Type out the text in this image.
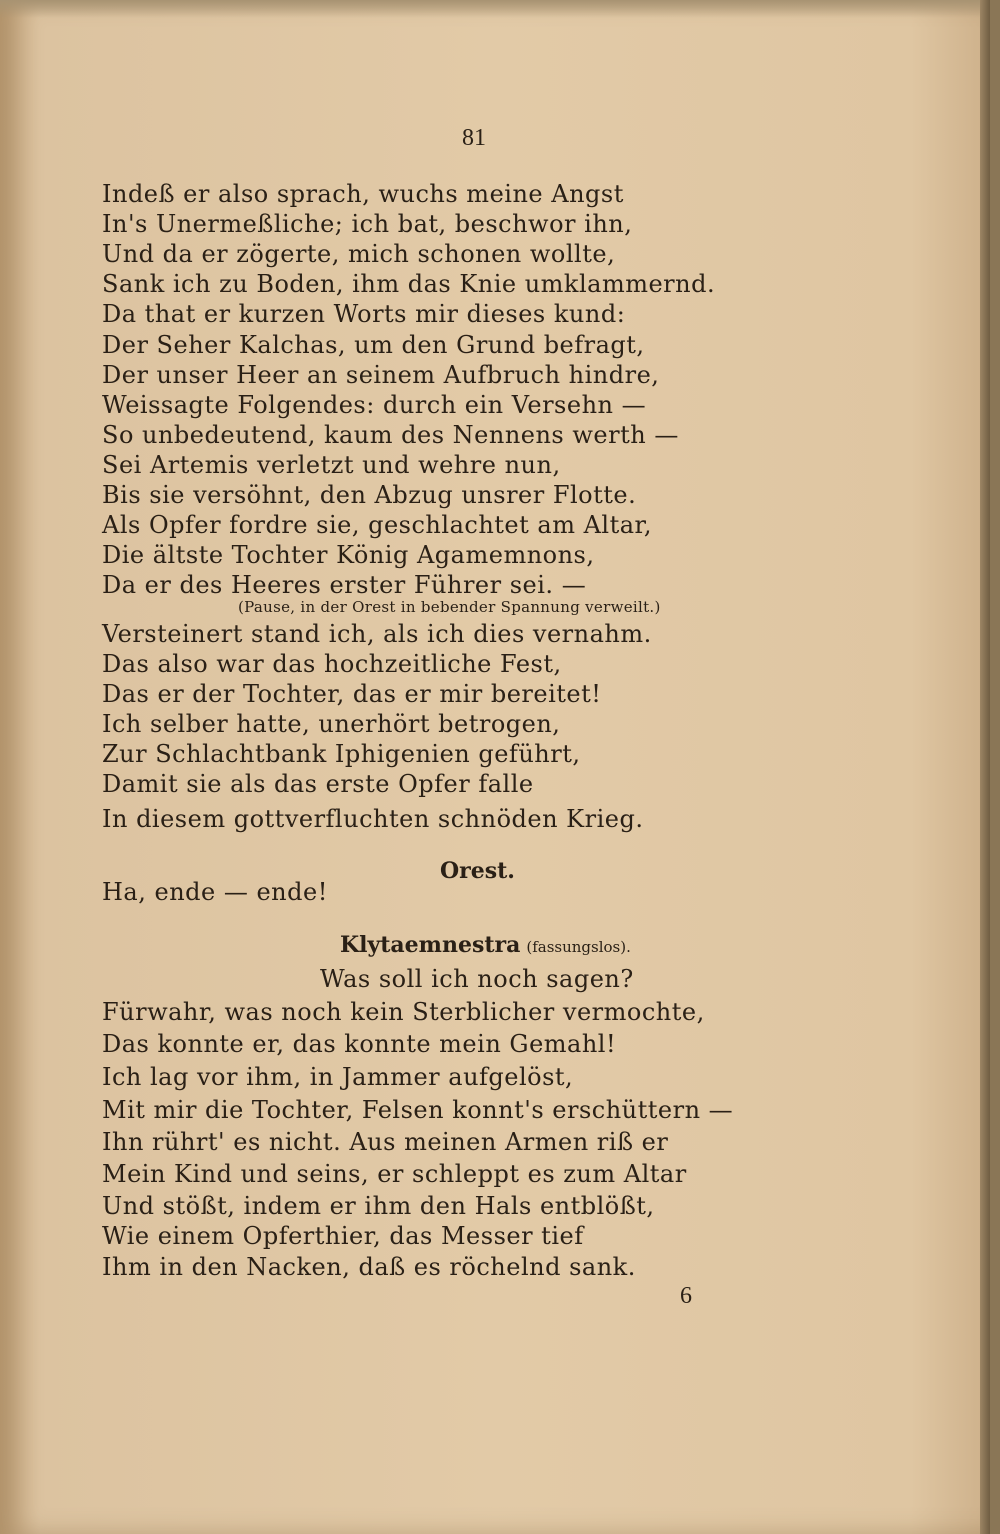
81
Indeß er also sprach, wuchs meine Angst
In's Unermeßliche; ich bat, beschwor ihn,
Und da er zögerte, mich schonen wollte,
Sank ich zu Boden, ihm das Knie umklammernd.
Da that er kurzen Worts mir dieses kund:
Der Seher Kalchas, um den Grund befragt,
Der unser Heer an seinem Aufbruch hindre,
Weissagte Folgendes: durch ein Versehn —
So unbedeutend, kaum des Nennens werth —
Sei Artemis verletzt und wehre nun,
Bis sie versöhnt, den Abzug unsrer Flotte.
Als Opfer fordre sie, geschlachtet am Altar,
Die ältste Tochter König Agamemnons,
Da er des Heeres erster Führer sei. —
(Pause, in der Orest in bebender Spannung verweilt.)
Versteinert stand ich, als ich dies vernahm.
Das also war das hochzeitliche Fest,
Das er der Tochter, das er mir bereitet!
Ich selber hatte, unerhört betrogen,
Zur Schlachtbank Iphigenien geführt,
Damit sie als das erste Opfer falle
In diesem gottverfluchten schnöden Krieg.
Orest.
Ha, ende — ende!
Klytaemnestra (fassungslos).
Was soll ich noch sagen?
Fürwahr, was noch kein Sterblicher vermochte,
Das konnte er, das konnte mein Gemahl!
Ich lag vor ihm, in Jammer aufgelöst,
Mit mir die Tochter, Felsen konnt's erschüttern —
Ihn rührt' es nicht. Aus meinen Armen riß er
Mein Kind und seins, er schleppt es zum Altar
Und stößt, indem er ihm den Hals entblößt,
Wie einem Opferthier, das Messer tief
Ihm in den Nacken, daß es röchelnd sank.
6
